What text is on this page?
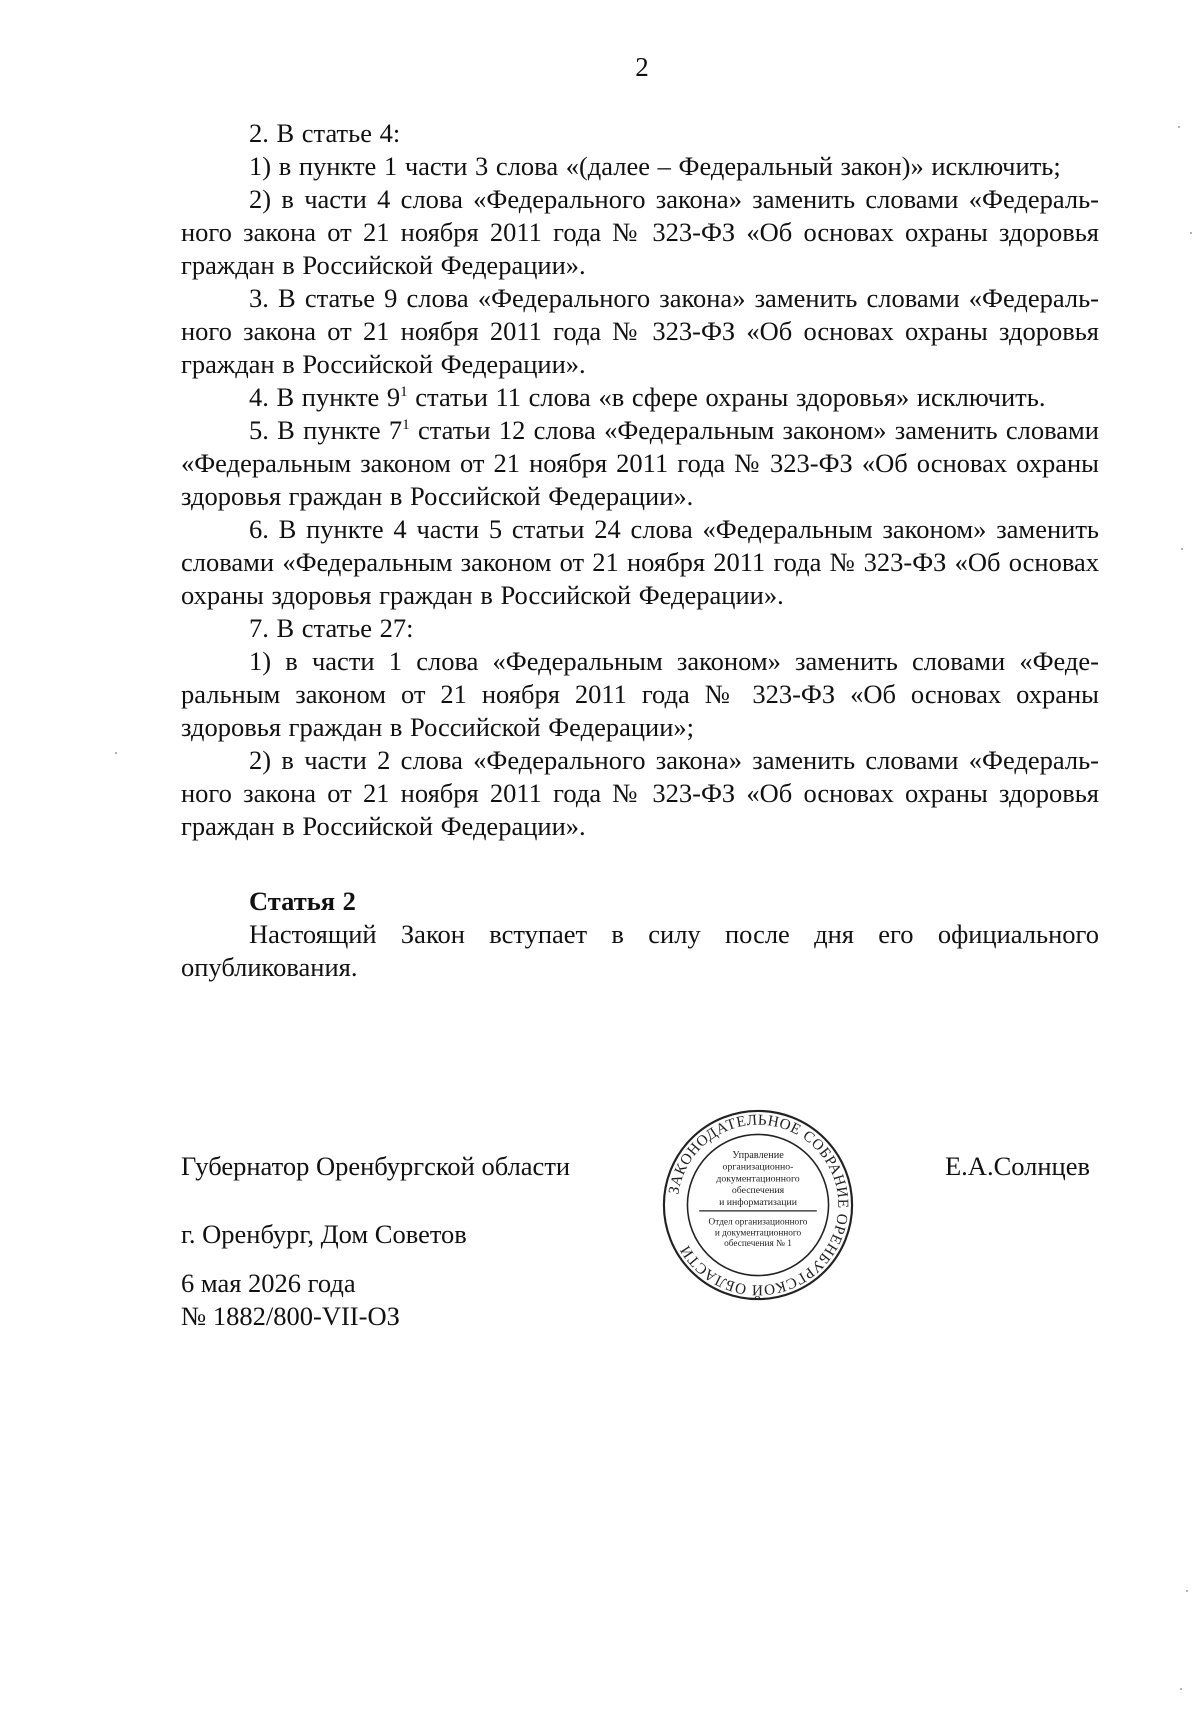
2

2. В статье 4:

1) в пункте 1 части 3 слова «(далее – Федеральный закон)» исключить;

2) в части 4 слова «Федерального закона» заменить словами «Федерального закона от 21 ноября 2011 года № 323-ФЗ «Об основах охраны здоровья граждан в Российской Федерации».

3. В статье 9 слова «Федерального закона» заменить словами «Федерального закона от 21 ноября 2011 года № 323-ФЗ «Об основах охраны здоровья граждан в Российской Федерации».

4. В пункте $9^1$ статьи 11 слова «в сфере охраны здоровья» исключить.

5. В пункте $7^1$ статьи 12 слова «Федеральным законом» заменить словами «Федеральным законом от 21 ноября 2011 года № 323-ФЗ «Об основах охраны здоровья граждан в Российской Федерации».

6. В пункте 4 части 5 статьи 24 слова «Федеральным законом» заменить словами «Федеральным законом от 21 ноября 2011 года № 323-ФЗ «Об основах охраны здоровья граждан в Российской Федерации».

7. В статье 27:

1) в части 1 слова «Федеральным законом» заменить словами «Федеральным законом от 21 ноября 2011 года № 323-ФЗ «Об основах охраны здоровья граждан в Российской Федерации»;

2) в части 2 слова «Федерального закона» заменить словами «Федерального закона от 21 ноября 2011 года № 323-ФЗ «Об основах охраны здоровья граждан в Российской Федерации».

Статья 2

Настоящий Закон вступает в силу после дня его официального опубликования.

Губернатор Оренбургской области	Е.А.Солнцев
г. Оренбург, Дом Советов
6 мая 2026 года
№ 1882/800-VII-ОЗ
ЗАКОНОДАТЕЛЬНОЕ СОБРАНИЕ ОРЕНБУРГСКОЙ ОБЛАСТИ
Управление
организационно-
документационного
обеспечения
и информатизации
Отдел организационного
и документационного
обеспечения № 1
